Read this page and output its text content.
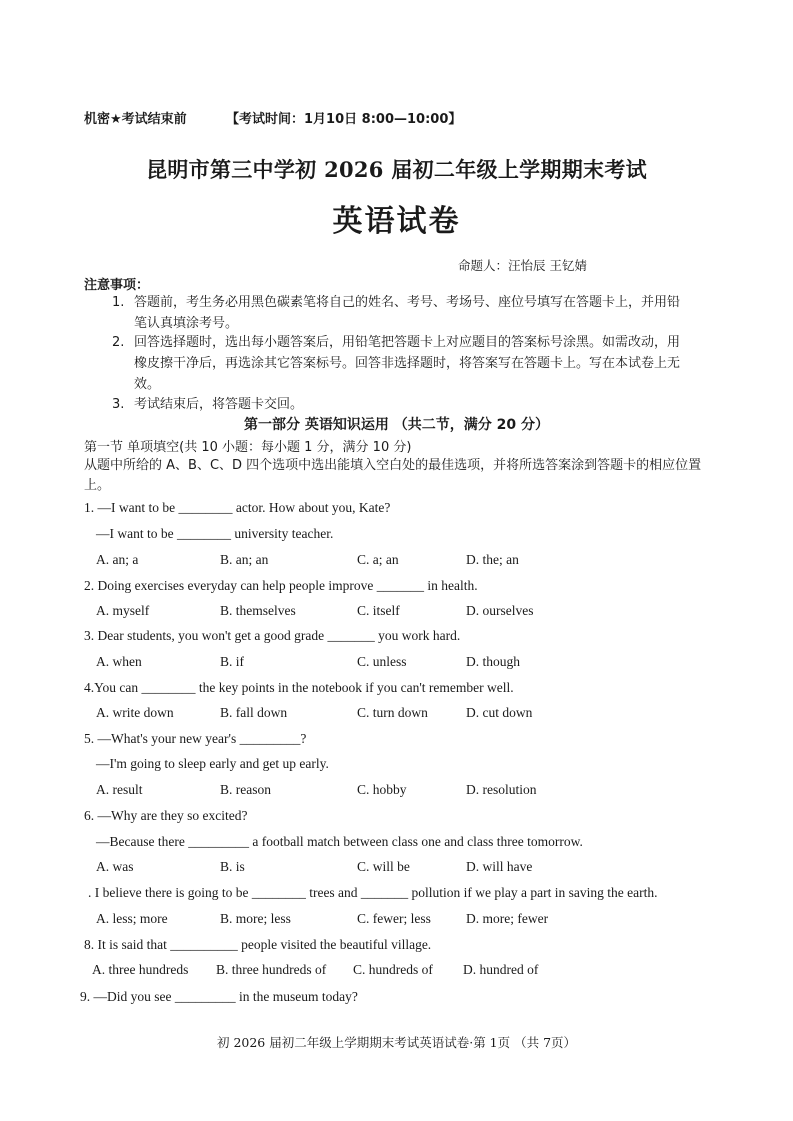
机密★考试结束前	【考试时间：1月10日 8:00—10:00】
昆明市第三中学初 2026 届初二年级上学期期末考试
英语试卷
命题人：汪怡辰 王钇婧
注意事项：
1. 答题前，考生务必用黑色碳素笔将自己的姓名、考号、考场号、座位号填写在答题卡上，并用铅
笔认真填涂考号。
2. 回答选择题时，选出每小题答案后，用铅笔把答题卡上对应题目的答案标号涂黑。如需改动，用
橡皮擦干净后，再选涂其它答案标号。回答非选择题时，将答案写在答题卡上。写在本试卷上无
效。
3. 考试结束后，将答题卡交回。
第一部分 英语知识运用 （共二节，满分 20 分）
第一节 单项填空(共 10 小题：每小题 1 分，满分 10 分)
从题中所给的 A、B、C、D 四个选项中选出能填入空白处的最佳选项，并将所选答案涂到答题卡的相应位置上。
1. —I want to be ________ actor. How about you, Kate?
—I want to be ________ university teacher.
A. an; a	B. an; an	C. a; an	D. the; an
2. Doing exercises everyday can help people improve _______ in health.
A. myself	B. themselves	C. itself	D. ourselves
3. Dear students, you won't get a good grade _______ you work hard.
A. when	B. if	C. unless	D. though
4.You can ________ the key points in the notebook if you can't remember well.
A. write down	B. fall down	C. turn down	D. cut down
5. —What's your new year's _________?
—I'm going to sleep early and get up early.
A. result	B. reason	C. hobby	D. resolution
6. —Why are they so excited?
—Because there _________ a football match between class one and class three tomorrow.
A. was	B. is	C. will be	D. will have
. I believe there is going to be ________ trees and _______ pollution if we play a part in saving the earth.
A. less; more	B. more; less	C. fewer; less	D. more; fewer
8. It is said that __________ people visited the beautiful village.
A. three hundreds B. three hundreds of C. hundreds of D. hundred of
9. —Did you see _________ in the museum today?
初 2026 届初二年级上学期期末考试英语试卷·第 1页 （共 7页）
